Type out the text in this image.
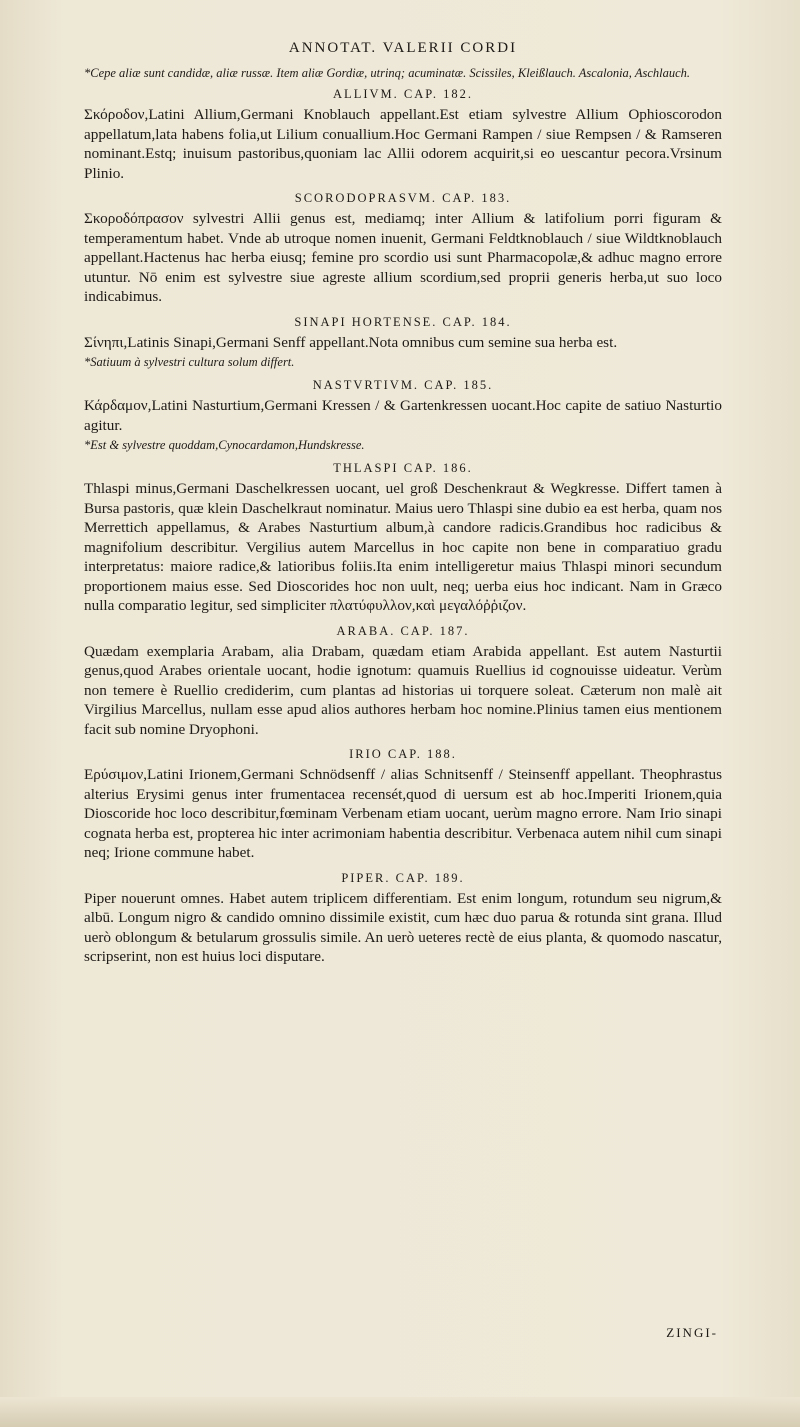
ANNOTAT. VALERII CORDI
*Cepe aliæ sunt candidæ, aliæ russæ. Item aliæ Gordiæ, utrinq; acuminatæ. Scissiles, Kleißlauch. Ascalonia, Aschlauch.
ALLIVM. CAP. 182.

Σκόροδον,Latini Allium,Germani Knoblauch appellant.Est etiam sylvestre Allium Ophioscorodon appellatum,lata habens folia,ut Lilium conuallium.Hoc Germani Rampen / siue Rempsen / & Ramseren nominant.Estq; inuisum pastoribus,quoniam lac Allii odorem acquirit,si eo uescantur pecora.Vrsinum Plinio.

SCORODOPRASVM. CAP. 183.

Σκοροδόπρασον sylvestri Allii genus est, mediamq; inter Allium & latifolium porri figuram & temperamentum habet. Vnde ab utroque nomen inuenit, Germani Feldtknoblauch / siue Wildtknoblauch appellant.Hactenus hac herba eiusq; femine pro scordio usi sunt Pharmacopolæ,& adhuc magno errore utuntur. Nō enim est sylvestre siue agreste allium scordium,sed proprii generis herba,ut suo loco indicabimus.

SINAPI HORTENSE. CAP. 184.

Σίνηπι,Latinis Sinapi,Germani Senff appellant.Nota omnibus cum semine sua herba est.

*Satiuum à sylvestri cultura solum differt.
NASTVRTIVM. CAP. 185.

Κάρδαμον,Latini Nasturtium,Germani Kressen / & Gartenkressen uocant.Hoc capite de satiuo Nasturtio agitur.

*Est & sylvestre quoddam,Cynocardamon,Hundskresse.
THLASPI CAP. 186.

Thlaspi minus,Germani Daschelkressen uocant, uel groß Deschenkraut & Wegkresse. Differt tamen à Bursa pastoris, quæ klein Daschelkraut nominatur. Maius uero Thlaspi sine dubio ea est herba, quam nos Merrettich appellamus, & Arabes Nasturtium album,à candore radicis.Grandibus hoc radicibus & magnifolium describitur. Vergilius autem Marcellus in hoc capite non bene in comparatiuo gradu interpretatus: maiore radice,& latioribus foliis.Ita enim intelligeretur maius Thlaspi minori secundum proportionem maius esse. Sed Dioscorides hoc non uult, neq; uerba eius hoc indicant. Nam in Græco nulla comparatio legitur, sed simpliciter πλατύφυλλον,καὶ μεγαλόῤῥιζον.

ARABA. CAP. 187.

Quædam exemplaria Arabam, alia Drabam, quædam etiam Arabida appellant. Est autem Nasturtii genus,quod Arabes orientale uocant, hodie ignotum: quamuis Ruellius id cognouisse uideatur. Verùm non temere è Ruellio crediderim, cum plantas ad historias ui torquere soleat. Cæterum non malè ait Virgilius Marcellus, nullam esse apud alios authores herbam hoc nomine.Plinius tamen eius mentionem facit sub nomine Dryophoni.

IRIO CAP. 188.

Ερύσιμον,Latini Irionem,Germani Schnödsenff / alias Schnitsenff / Steinsenff appellant. Theophrastus alterius Erysimi genus inter frumentacea recensét,quod di uersum est ab hoc.Imperiti Irionem,quia Dioscoride hoc loco describitur,fœminam Verbenam etiam uocant, uerùm magno errore. Nam Irio sinapi cognata herba est, propterea hic inter acrimoniam habentia describitur. Verbenaca autem nihil cum sinapi neq; Irione commune habet.

PIPER. CAP. 189.

Piper nouerunt omnes. Habet autem triplicem differentiam. Est enim longum, rotundum seu nigrum,& albū. Longum nigro & candido omnino dissimile existit, cum hæc duo parua & rotunda sint grana. Illud uerò oblongum & betularum grossulis simile. An uerò ueteres rectè de eius planta, & quomodo nascatur, scripserint, non est huius loci disputare.

ZINGI-
